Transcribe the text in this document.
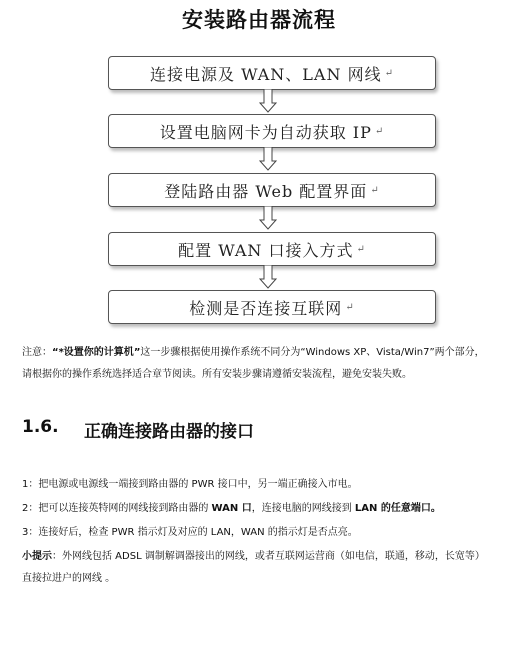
安装路由器流程
连接电源及 WAN、LAN 网线 ↵
设置电脑网卡为自动获取 IP ↵
登陆路由器 Web 配置界面 ↵
配置 WAN 口接入方式 ↵
检测是否连接互联网 ↵
注意：“*设置你的计算机”这一步骤根据使用操作系统不同分为“Windows XP、Vista/Win7”两个部分，请根据你的操作系统选择适合章节阅读。所有安装步骤请遵循安装流程，避免安装失败。
1.6.	正确连接路由器的接口
1：把电源或电源线一端接到路由器的 PWR 接口中，另一端正确接入市电。
2：把可以连接英特网的网线接到路由器的 WAN 口，连接电脑的网线接到 LAN 的任意端口。
3：连接好后，检查 PWR 指示灯及对应的 LAN，WAN 的指示灯是否点亮。
小提示：外网线包括 ADSL 调制解调器接出的网线，或者互联网运营商（如电信，联通，移动，长宽等）直接拉进户的网线 。
